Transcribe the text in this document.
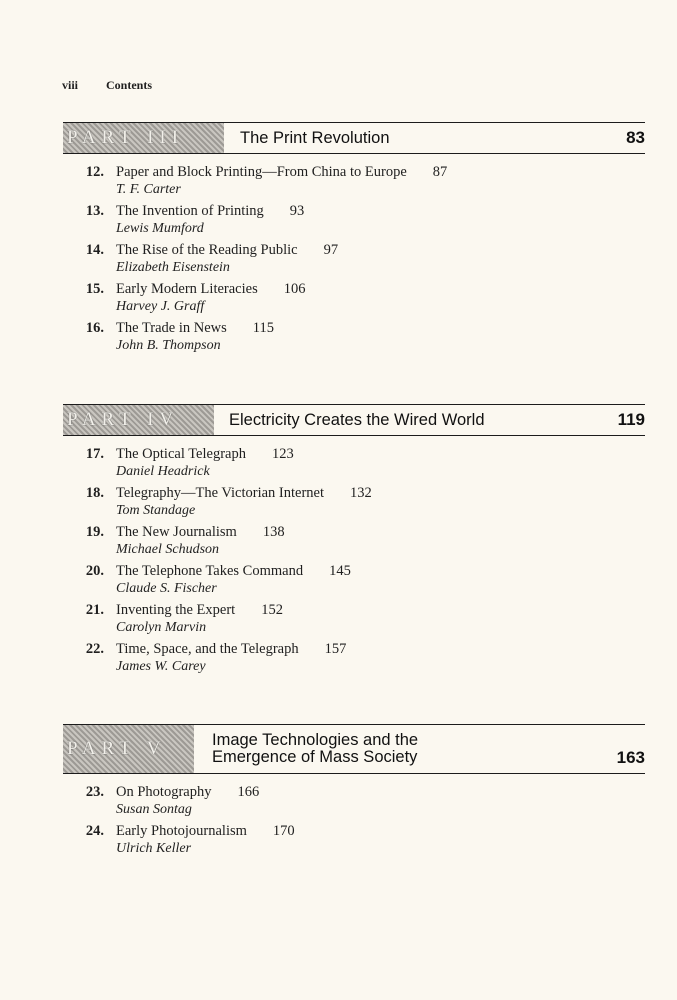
viii Contents
PART III	The Print Revolution	83
12. Paper and Block Printing—From China to Europe 87
T. F. Carter
13. The Invention of Printing 93
Lewis Mumford
14. The Rise of the Reading Public 97
Elizabeth Eisenstein
15. Early Modern Literacies 106
Harvey J. Graff
16. The Trade in News 115
John B. Thompson
PART IV	Electricity Creates the Wired World	119
17. The Optical Telegraph 123
Daniel Headrick
18. Telegraphy—The Victorian Internet 132
Tom Standage
19. The New Journalism 138
Michael Schudson
20. The Telephone Takes Command 145
Claude S. Fischer
21. Inventing the Expert 152
Carolyn Marvin
22. Time, Space, and the Telegraph 157
James W. Carey
PART V	Image Technologies and the
Emergence of Mass Society	163
23. On Photography 166
Susan Sontag
24. Early Photojournalism 170
Ulrich Keller
